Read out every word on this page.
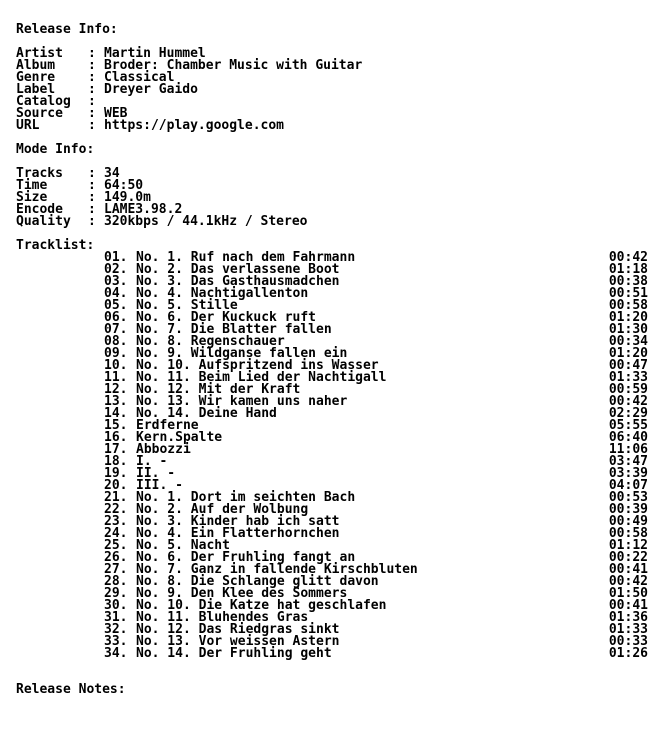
Release Info:
Artist : Martin Hummel
Album	: Broder: Chamber Music with Guitar
Genre	: Classical
Label	: Dreyer Gaido
Catalog :
Source : WEB
URL	: https://play.google.com
Mode Info:
Tracks : 34
Time	: 64:50
Size	: 149.0m
Encode : LAME3.98.2
Quality : 320kbps / 44.1kHz / Stereo
Tracklist:
01. No. 1. Ruf nach dem Fahrmann	00:42
02. No. 2. Das verlassene Boot	01:18
03. No. 3. Das Gasthausmadchen	00:38
04. No. 4. Nachtigallenton	00:51
05. No. 5. Stille	00:58
06. No. 6. Der Kuckuck ruft	01:20
07. No. 7. Die Blatter fallen	01:30
08. No. 8. Regenschauer	00:34
09. No. 9. Wildganse fallen ein	01:20
10. No. 10. Aufspritzend ins Wasser	00:47
11. No. 11. Beim Lied der Nachtigall	01:33
12. No. 12. Mit der Kraft	00:59
13. No. 13. Wir kamen uns naher	00:42
14. No. 14. Deine Hand	02:29
15. Erdferne	05:55
16. Kern.Spalte	06:40
17. Abbozzi	11:06
18. I. -	03:47
19. II. -	03:39
20. III. -	04:07
21. No. 1. Dort im seichten Bach	00:53
22. No. 2. Auf der Wolbung	00:39
23. No. 3. Kinder hab ich satt	00:49
24. No. 4. Ein Flatterhornchen	00:58
25. No. 5. Nacht	01:12
26. No. 6. Der Fruhling fangt an	00:22
27. No. 7. Ganz in fallende Kirschbluten	00:41
28. No. 8. Die Schlange glitt davon	00:42
29. No. 9. Den Klee des Sommers	01:50
30. No. 10. Die Katze hat geschlafen	00:41
31. No. 11. Bluhendes Gras	01:36
32. No. 12. Das Riedgras sinkt	01:33
33. No. 13. Vor weissen Astern	00:33
34. No. 14. Der Fruhling geht	01:26
Release Notes:
